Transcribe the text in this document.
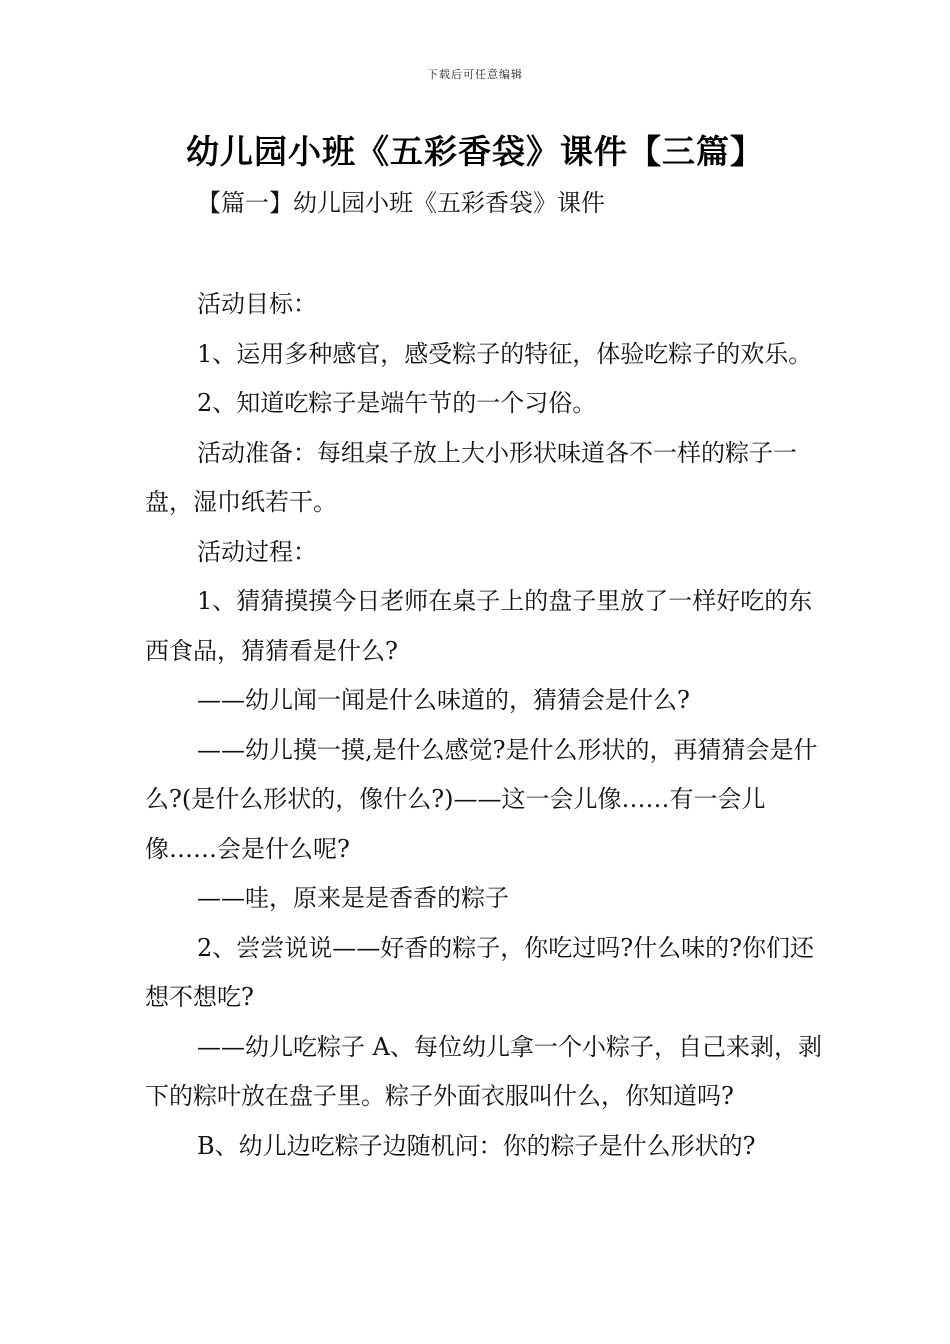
下载后可任意编辑
幼儿园小班《五彩香袋》课件【三篇】
【篇一】幼儿园小班《五彩香袋》课件

活动目标：

1、运用多种感官，感受粽子的特征，体验吃粽子的欢乐。

2、知道吃粽子是端午节的一个习俗。

活动准备：每组桌子放上大小形状味道各不一样的粽子一盘，湿巾纸若干。

活动过程：

1、猜猜摸摸今日老师在桌子上的盘子里放了一样好吃的东西食品，猜猜看是什么?

——幼儿闻一闻是什么味道的，猜猜会是什么?

——幼儿摸一摸,是什么感觉?是什么形状的，再猜猜会是什么?(是什么形状的，像什么?)——这一会儿像……有一会儿像……会是什么呢?

——哇，原来是是香香的粽子

2、尝尝说说——好香的粽子，你吃过吗?什么味的?你们还想不想吃?

——幼儿吃粽子 A、每位幼儿拿一个小粽子，自己来剥，剥下的粽叶放在盘子里。粽子外面衣服叫什么，你知道吗?

B、幼儿边吃粽子边随机问：你的粽子是什么形状的?
